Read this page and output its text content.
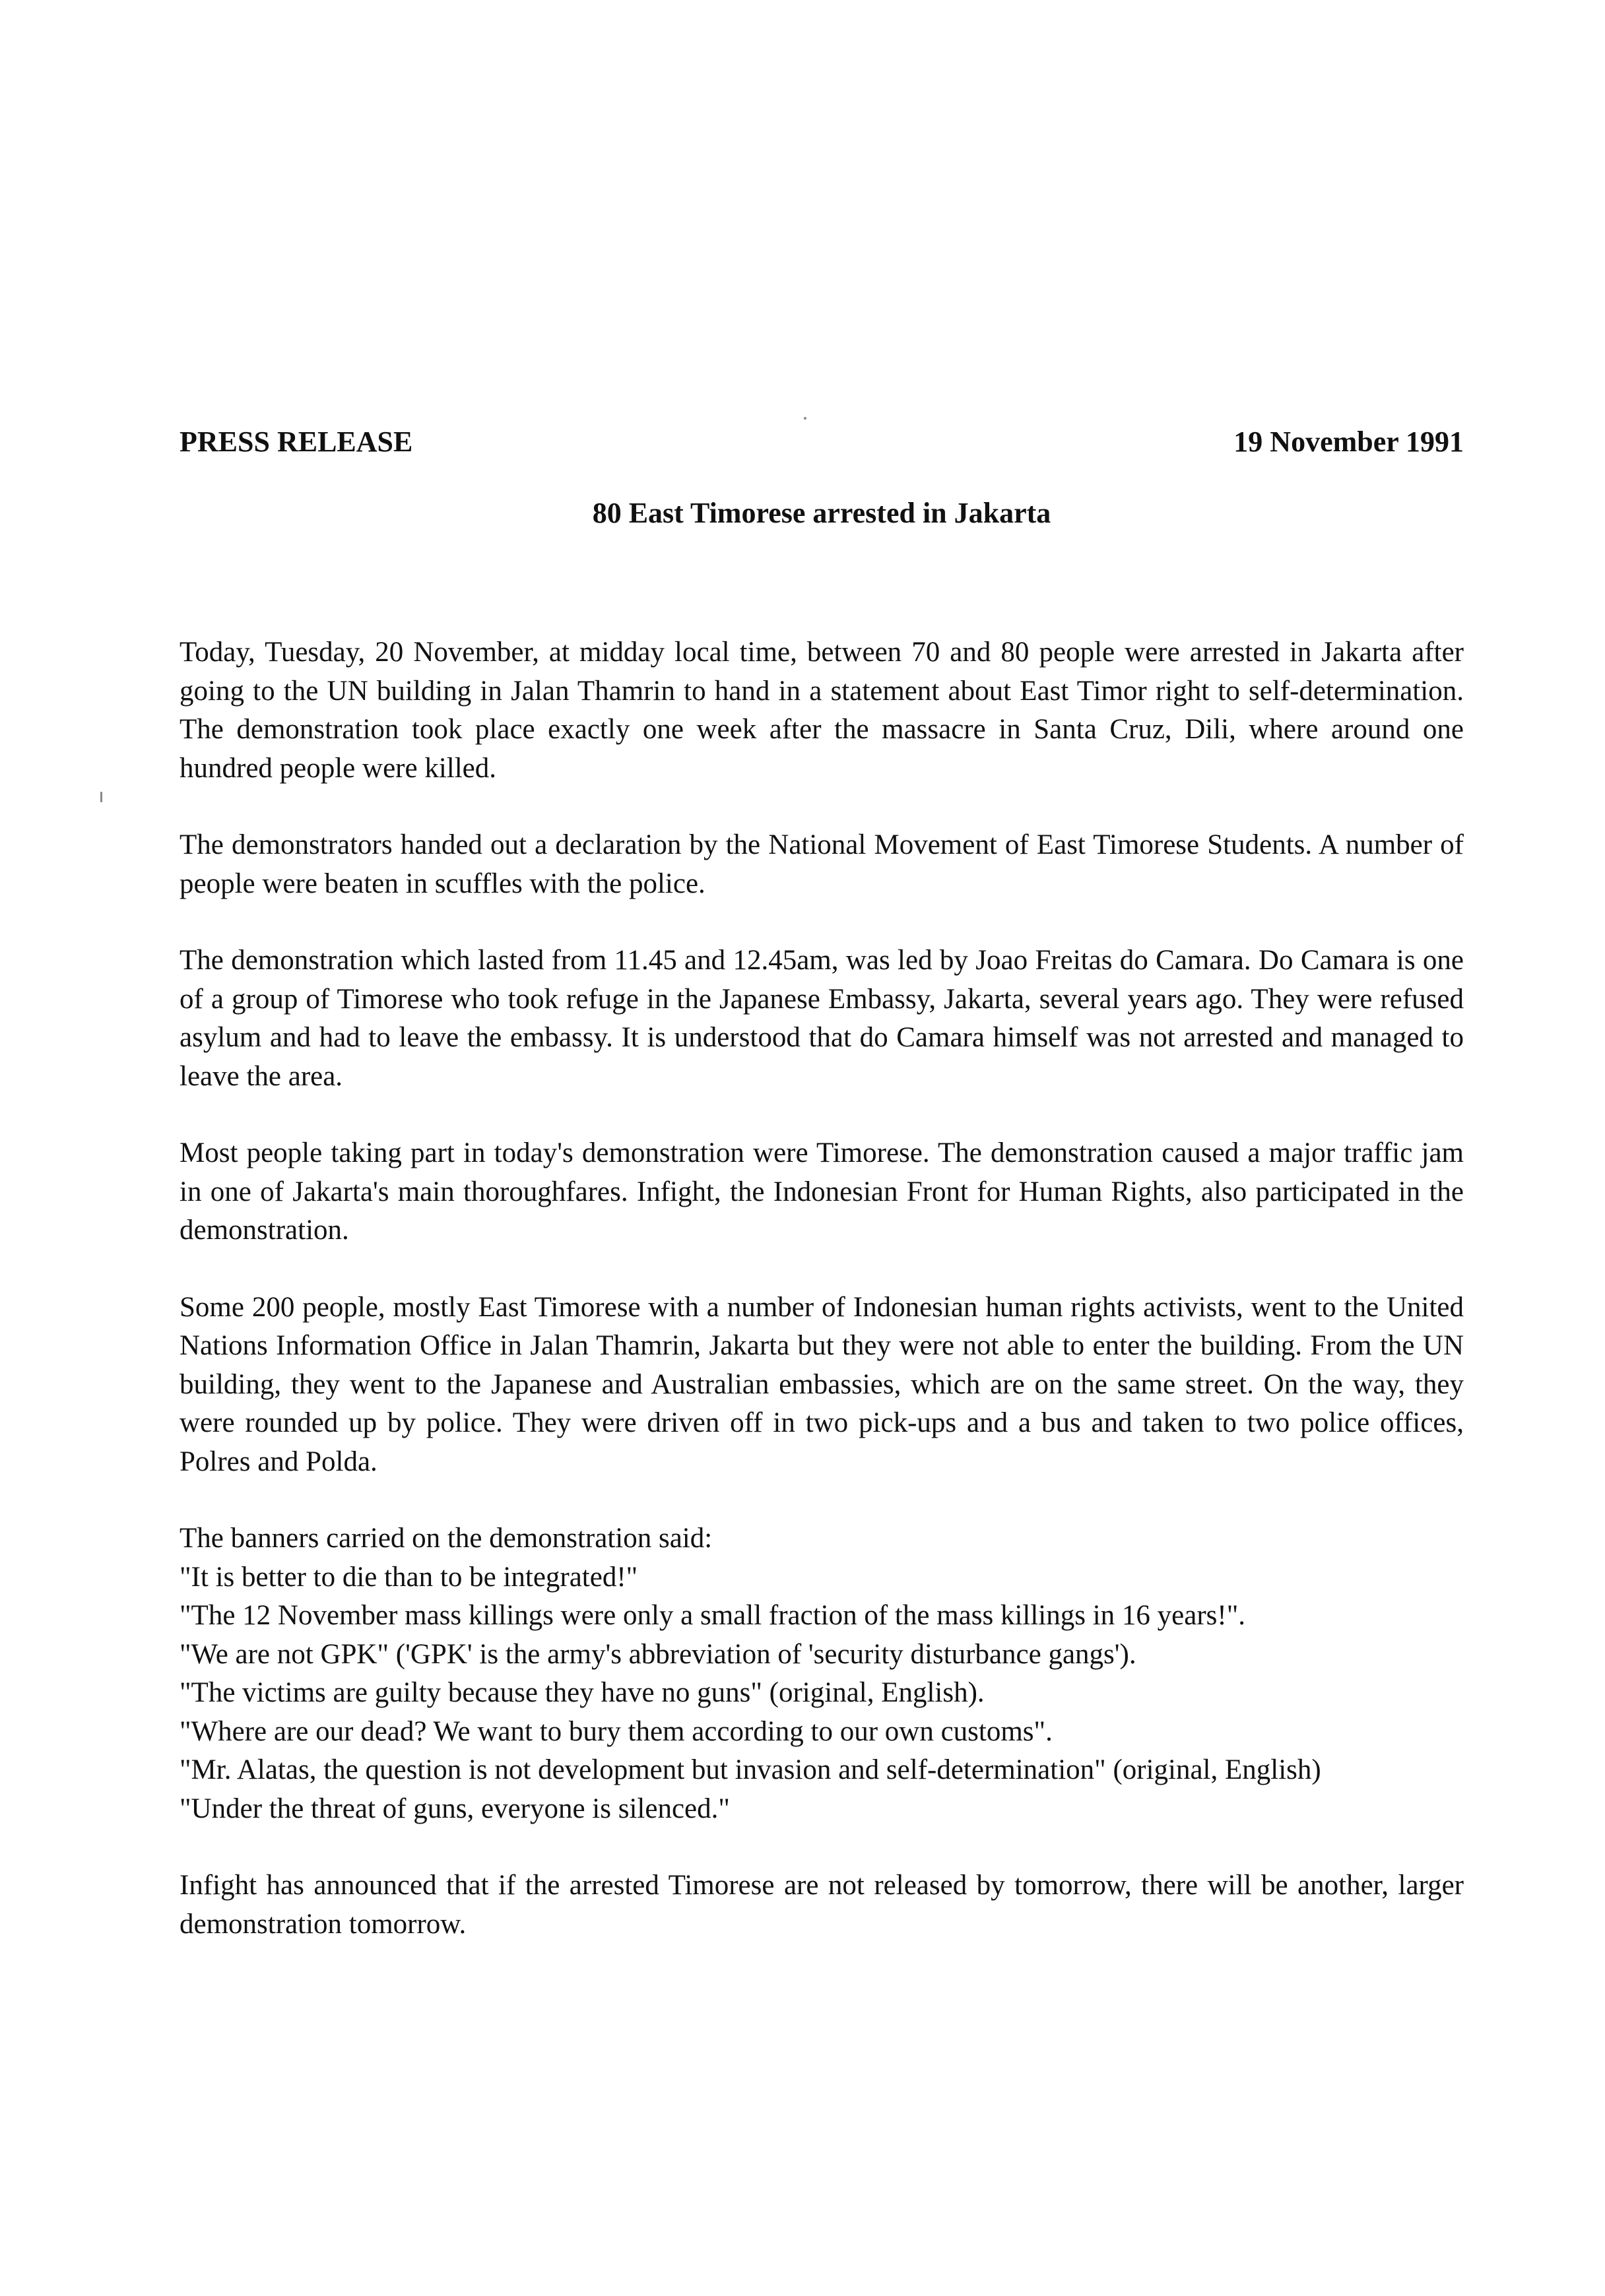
PRESS RELEASE	19 November 1991
80 East Timorese arrested in Jakarta

Today, Tuesday, 20 November, at midday local time, between 70 and 80 people were arrested in Jakarta after going to the UN building in Jalan Thamrin to hand in a statement about East Timor right to self-determination. The demonstration took place exactly one week after the massacre in Santa Cruz, Dili, where around one hundred people were killed.

The demonstrators handed out a declaration by the National Movement of East Timorese Students. A number of people were beaten in scuffles with the police.

The demonstration which lasted from 11.45 and 12.45am, was led by Joao Freitas do Camara. Do Camara is one of a group of Timorese who took refuge in the Japanese Embassy, Jakarta, several years ago. They were refused asylum and had to leave the embassy. It is understood that do Camara himself was not arrested and managed to leave the area.

Most people taking part in today's demonstration were Timorese. The demonstration caused a major traffic jam in one of Jakarta's main thoroughfares. Infight, the Indonesian Front for Human Rights, also participated in the demonstration.

Some 200 people, mostly East Timorese with a number of Indonesian human rights activists, went to the United Nations Information Office in Jalan Thamrin, Jakarta but they were not able to enter the building. From the UN building, they went to the Japanese and Australian embassies, which are on the same street. On the way, they were rounded up by police. They were driven off in two pick-ups and a bus and taken to two police offices, Polres and Polda.

The banners carried on the demonstration said:
"It is better to die than to be integrated!"
"The 12 November mass killings were only a small fraction of the mass killings in 16 years!".
"We are not GPK" ('GPK' is the army's abbreviation of 'security disturbance gangs').
"The victims are guilty because they have no guns" (original, English).
"Where are our dead? We want to bury them according to our own customs".
"Mr. Alatas, the question is not development but invasion and self-determination" (original, English)
"Under the threat of guns, everyone is silenced."

Infight has announced that if the arrested Timorese are not released by tomorrow, there will be another, larger demonstration tomorrow.
